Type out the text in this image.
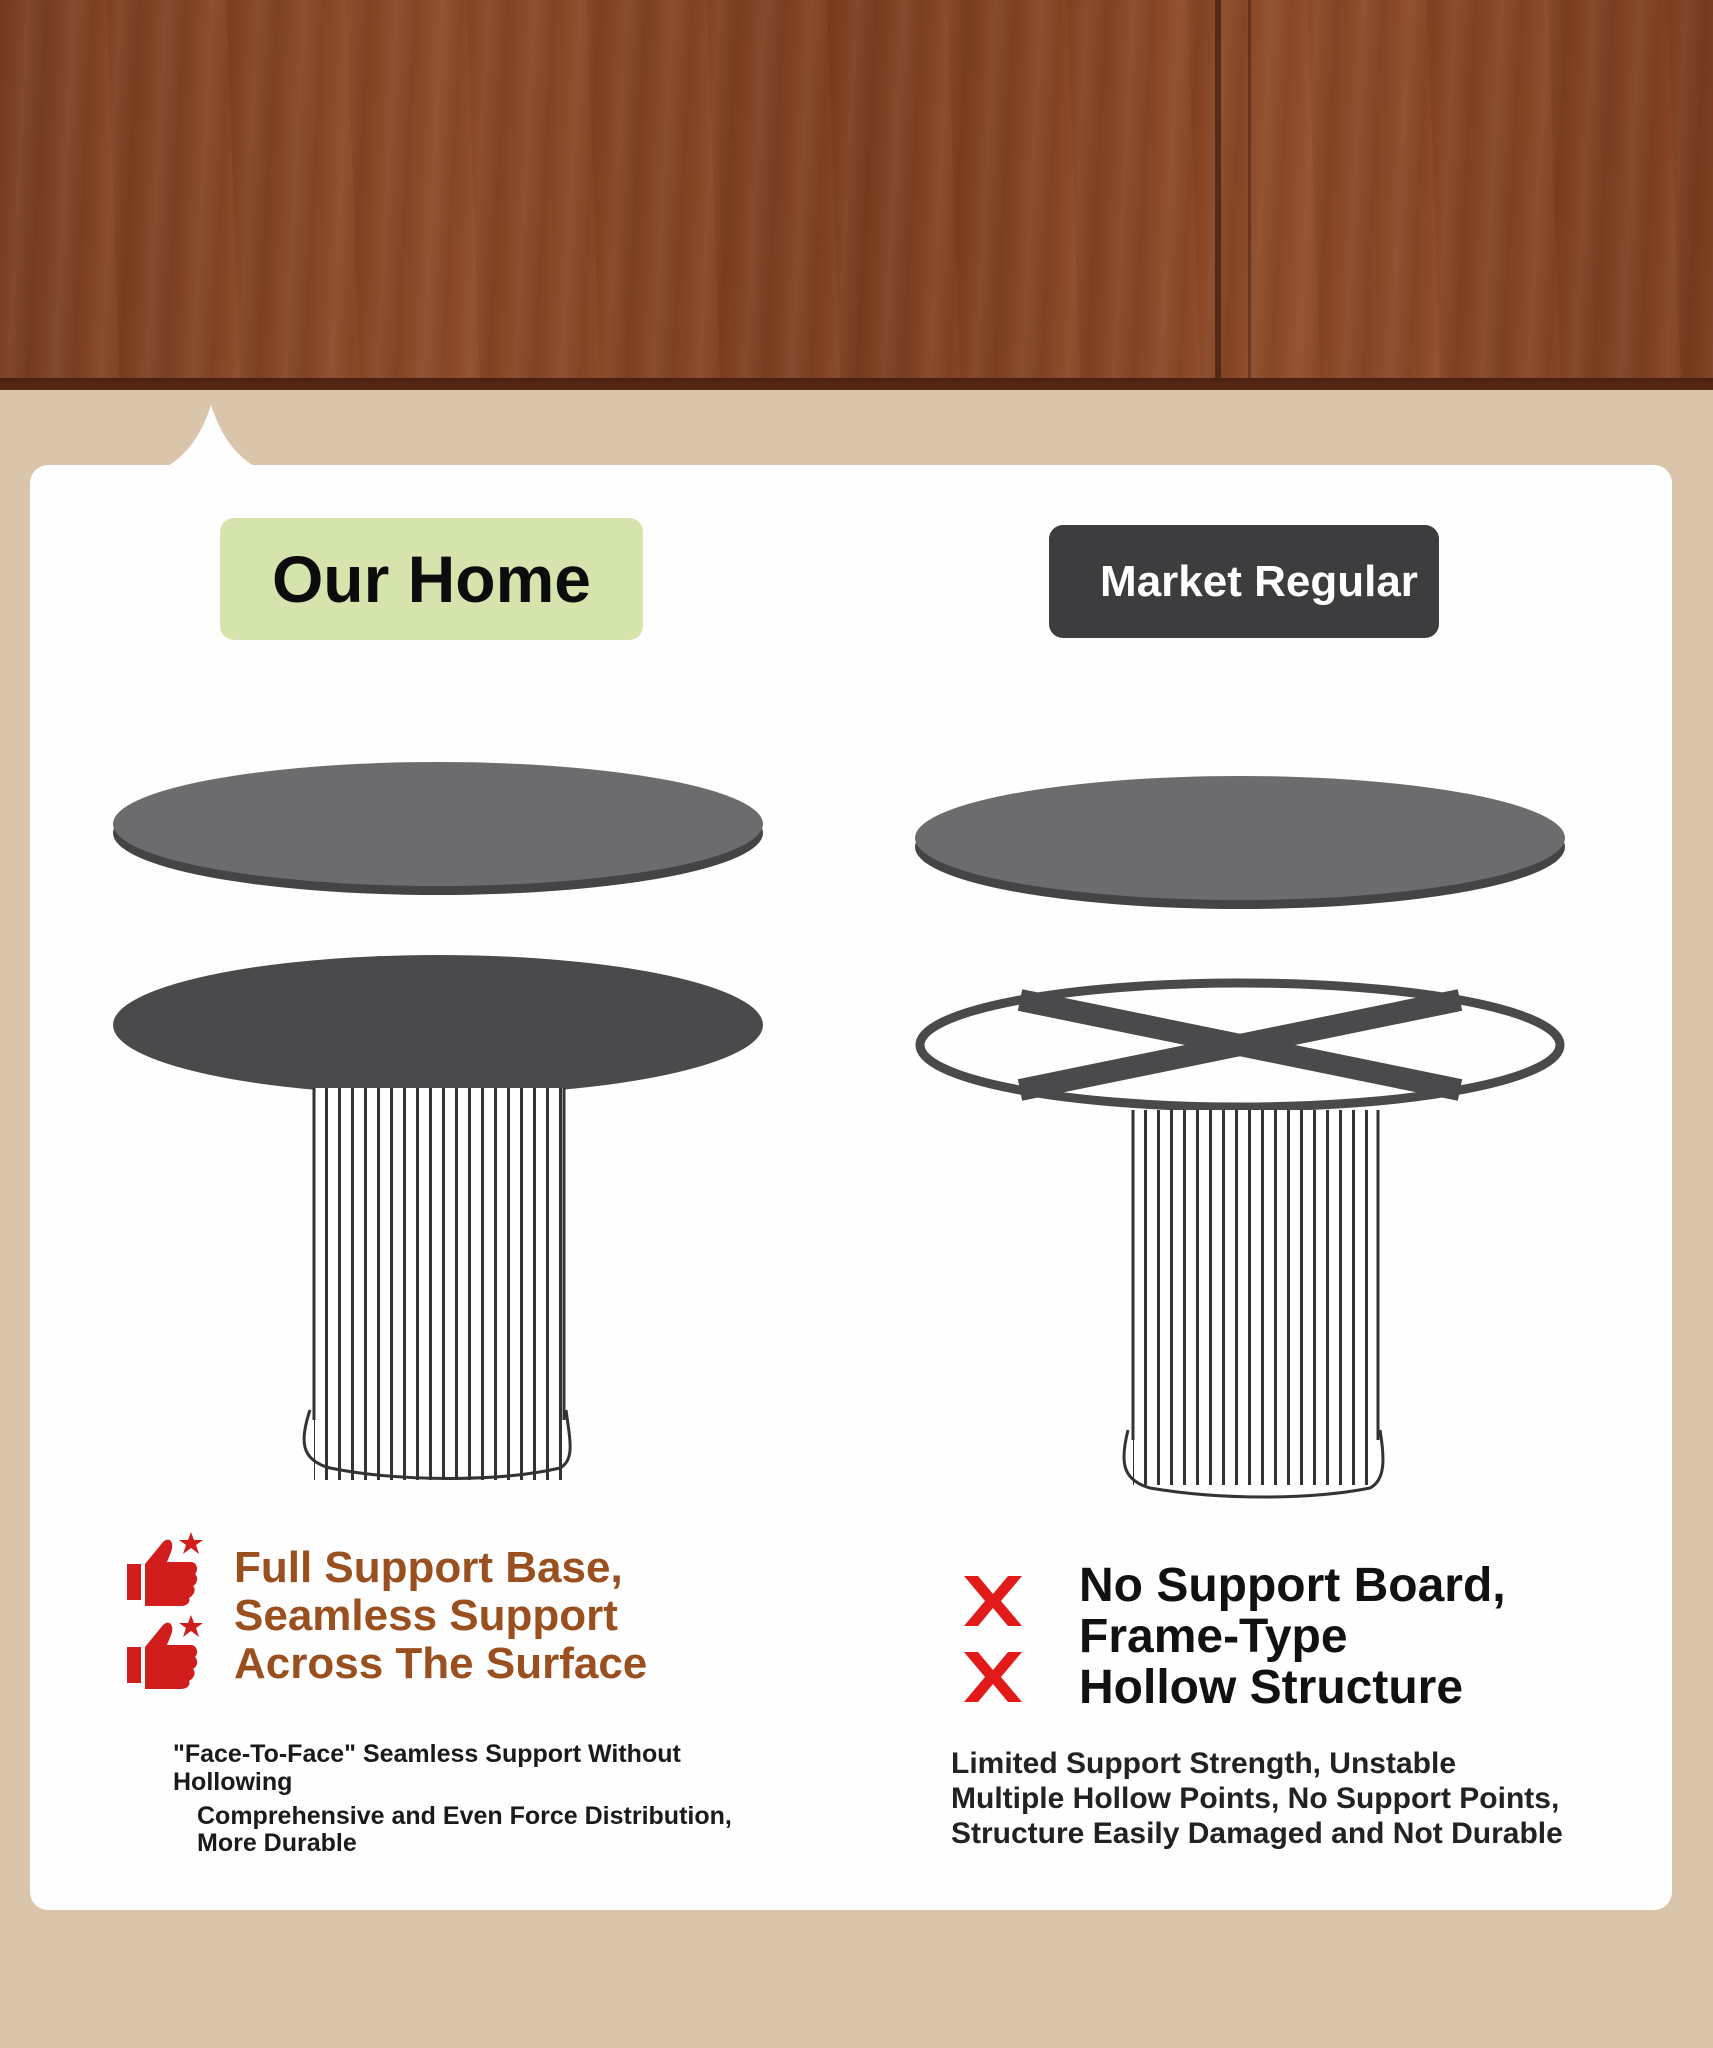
Our Home	Market Regular
Full Support Base,
Seamless Support
Across The Surface
No Support Board,
Frame-Type
Hollow Structure
"Face-To-Face" Seamless Support Without
Hollowing
Comprehensive and Even Force Distribution,
More Durable
Limited Support Strength, Unstable
Multiple Hollow Points, No Support Points,
Structure Easily Damaged and Not Durable
